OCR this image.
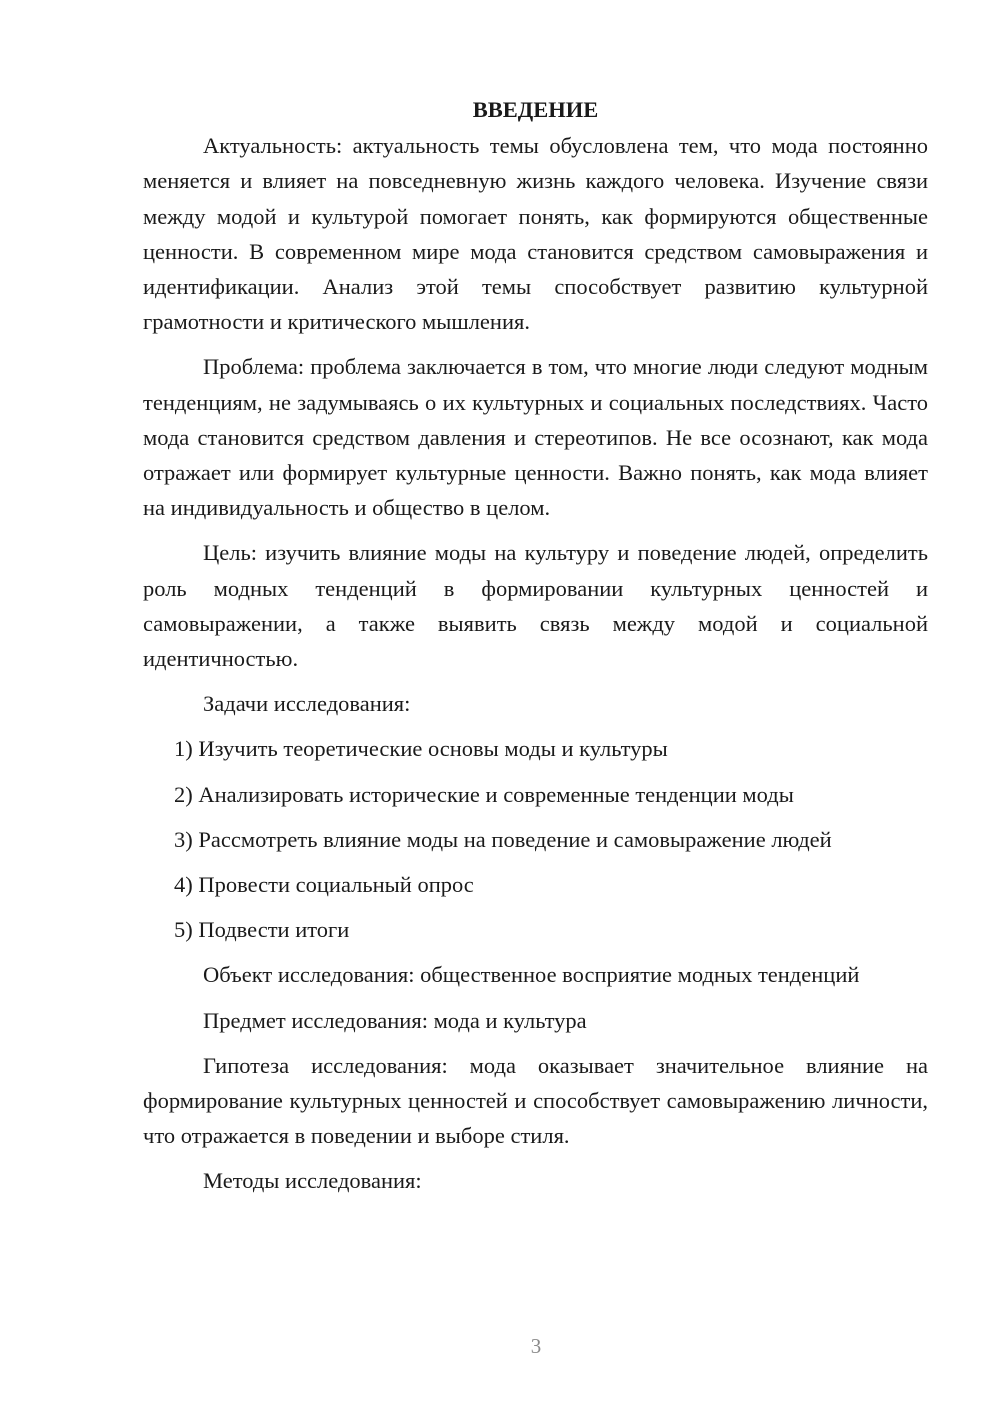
ВВЕДЕНИЕ

Актуальность: актуальность темы обусловлена тем, что мода постоянно меняется и влияет на повседневную жизнь каждого человека. Изучение связи между модой и культурой помогает понять, как формируются общественные ценности. В современном мире мода становится средством самовыражения и идентификации. Анализ этой темы способствует развитию культурной грамотности и критического мышления.

Проблема: проблема заключается в том, что многие люди следуют модным тенденциям, не задумываясь о их культурных и социальных последствиях. Часто мода становится средством давления и стереотипов. Не все осознают, как мода отражает или формирует культурные ценности. Важно понять, как мода влияет на индивидуальность и общество в целом.

Цель: изучить влияние моды на культуру и поведение людей, определить роль модных тенденций в формировании культурных ценностей и самовыражении, а также выявить связь между модой и социальной идентичностью.

Задачи исследования:

1) Изучить теоретические основы моды и культуры

2) Анализировать исторические и современные тенденции моды

3) Рассмотреть влияние моды на поведение и самовыражение людей

4) Провести социальный опрос

5) Подвести итоги

Объект исследования: общественное восприятие модных тенденций

Предмет исследования: мода и культура

Гипотеза исследования: мода оказывает значительное влияние на формирование культурных ценностей и способствует самовыражению личности, что отражается в поведении и выборе стиля.

Методы исследования:

3
